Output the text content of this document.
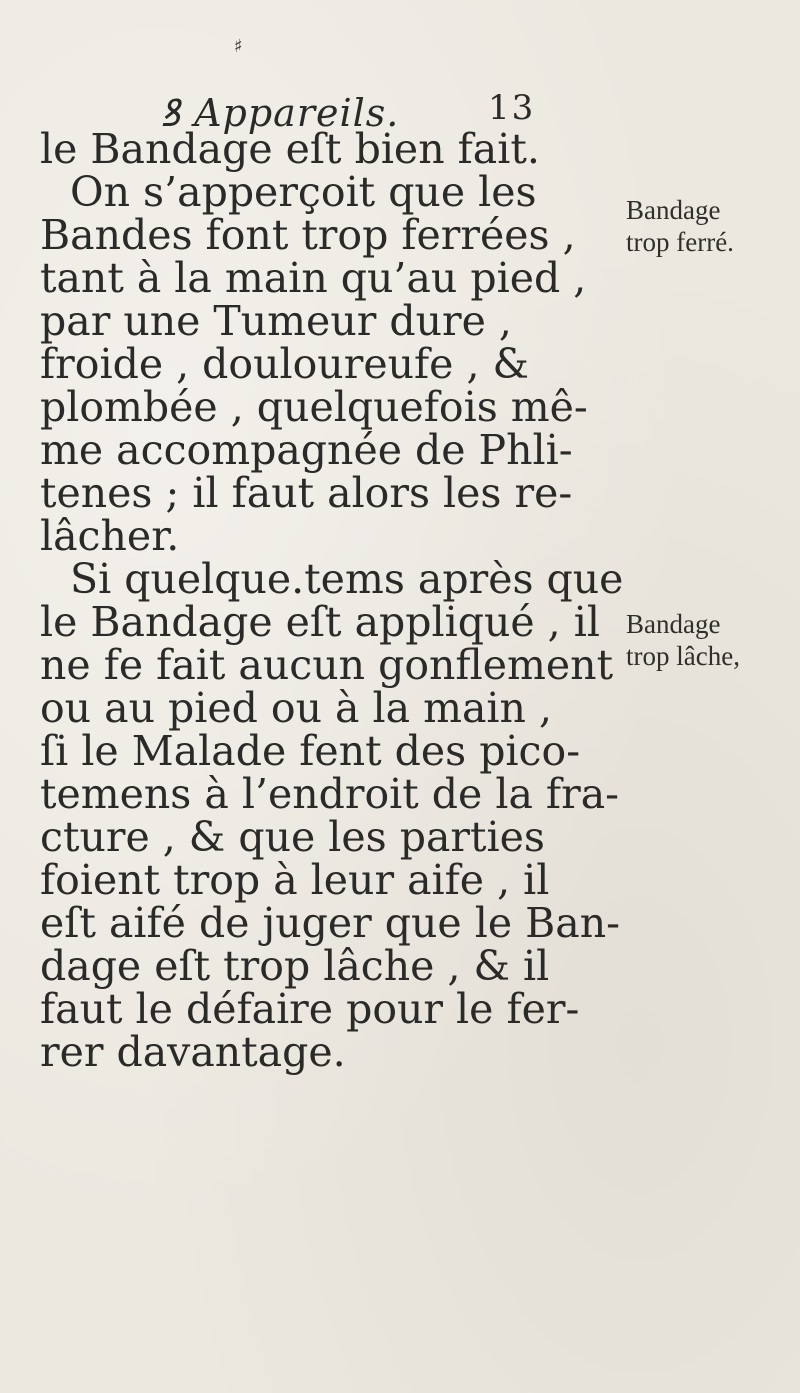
♯
ꝸ Appareils.	13
le Bandage eſt bien fait.
On s’apperçoit que les
Bandes font trop ferrées ,
tant à la main qu’au pied ,
par une Tumeur dure ,
froide , douloureufe , &
plombée , quelquefois mê-
me accompagnée de Phli-
tenes ; il faut alors les re-
lâcher.
Si quelque.tems après que
le Bandage eſt appliqué , il
ne fe fait aucun gonflement
ou au pied ou à la main ,
ſi le Malade fent des pico-
temens à l’endroit de la fra-
cture , & que les parties
foient trop à leur aife , il
eſt aifé de juger que le Ban-
dage eſt trop lâche , & il
faut le défaire pour le fer-
rer davantage.
Bandage
trop ferré.
Bandage
trop lâche,
